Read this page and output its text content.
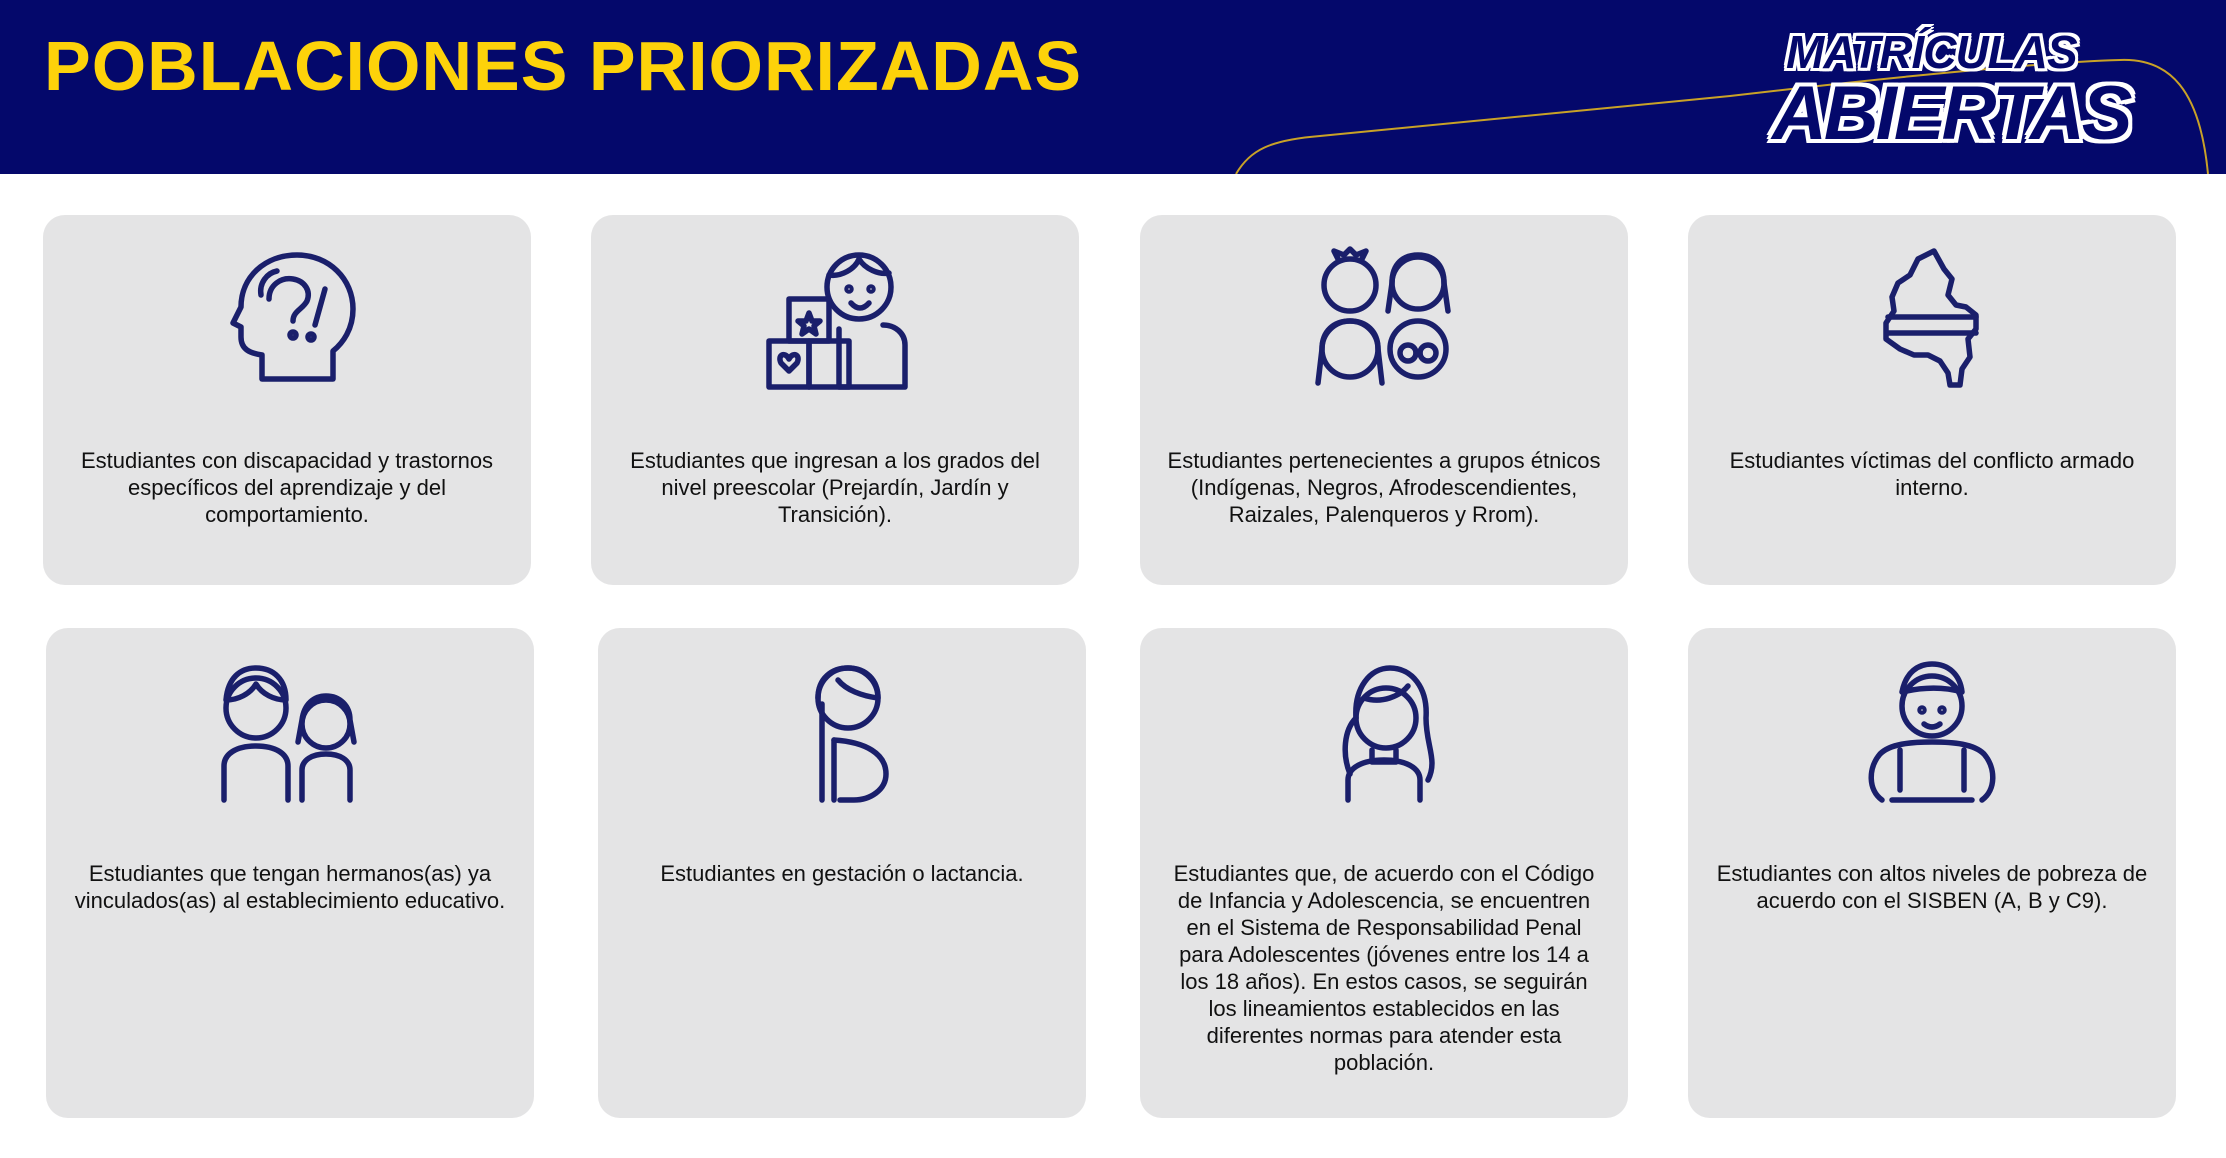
POBLACIONES PRIORIZADAS	MATRÍCULAS
ABIERTAS

Estudiantes con discapacidad y trastornos específicos del aprendizaje y del comportamiento.

Estudiantes que ingresan a los grados del nivel preescolar (Prejardín, Jardín y Transición).

Estudiantes pertenecientes a grupos étnicos (Indígenas, Negros, Afrodescendientes, Raizales, Palenqueros y Rrom).

Estudiantes víctimas del conflicto armado interno.

Estudiantes que tengan hermanos(as) ya vinculados(as) al establecimiento educativo.

Estudiantes en gestación o lactancia.	Estudiantes que, de acuerdo con el Código de Infancia y Adolescencia, se encuentren en el Sistema de Responsabilidad Penal
para Adolescentes (jóvenes entre los 14 a los 18 años). En estos casos, se seguirán los lineamientos establecidos en las diferentes normas para atender esta población.

Estudiantes con altos niveles de pobreza de acuerdo con el SISBEN (A, B y C9).
